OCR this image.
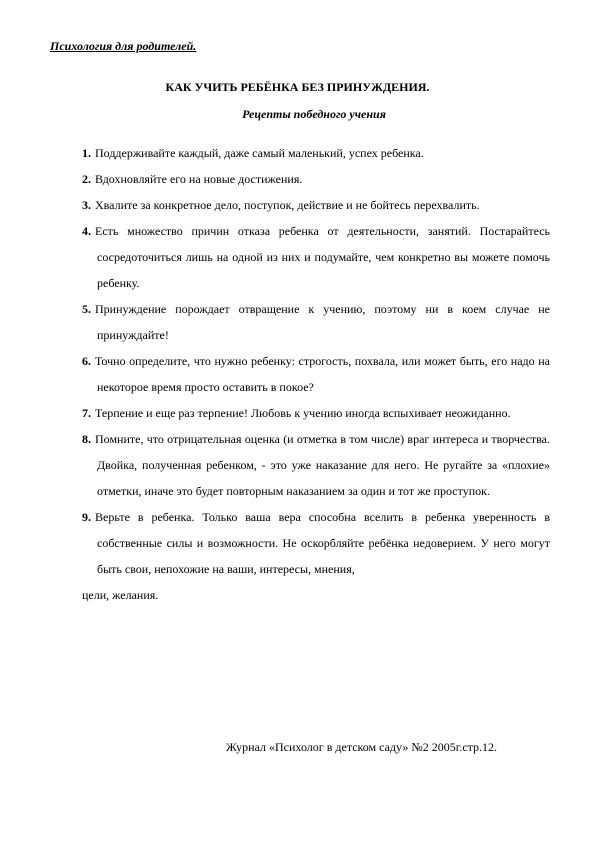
Психология для родителей.
КАК УЧИТЬ РЕБЁНКА БЕЗ ПРИНУЖДЕНИЯ.
Рецепты победного учения
1. Поддерживайте каждый, даже самый маленький, успех ребенка.
2. Вдохновляйте его на новые достижения.
3. Хвалите за конкретное дело, поступок, действие и не бойтесь перехвалить.
4. Есть множество причин отказа ребенка от деятельности, занятий. Постарайтесь сосредоточиться лишь на одной из них и подумайте, чем конкретно вы можете помочь ребенку.
5. Принуждение порождает отвращение к учению, поэтому ни в коем случае не принуждайте!
6. Точно определите, что нужно ребенку: строгость, похвала, или может быть, его надо на некоторое время просто оставить в покое?
7. Терпение и еще раз терпение! Любовь к учению иногда вспыхивает неожиданно.
8. Помните, что отрицательная оценка (и отметка в том числе) враг интереса и творчества. Двойка, полученная ребенком, - это уже наказание для него. Не ругайте за «плохие» отметки, иначе это будет повторным наказанием за один и тот же проступок.
9. Верьте в ребенка. Только ваша вера способна вселить в ребенка уверенность в собственные силы и возможности. Не оскорбляйте ребёнка недоверием. У него могут быть свои, непохожие на ваши, интересы, мнения,
цели, желания.
Журнал «Психолог в детском саду» №2 2005г.стр.12.
